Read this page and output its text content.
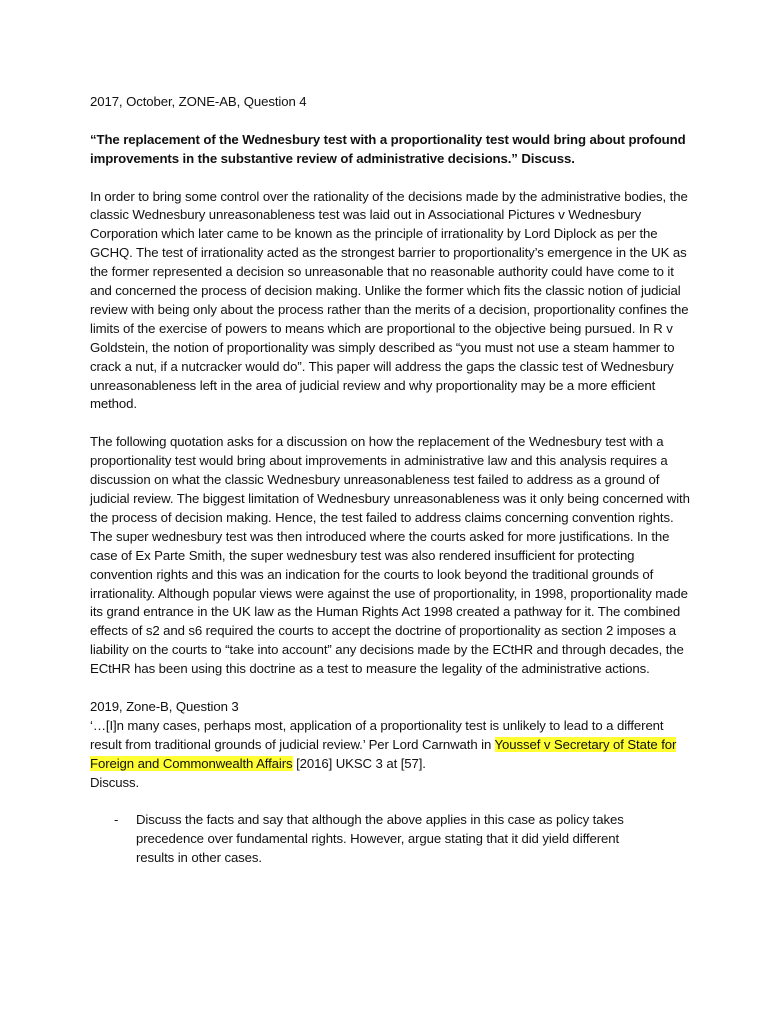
2017, October, ZONE-AB, Question 4

“The replacement of the Wednesbury test with a proportionality test would bring about profound improvements in the substantive review of administrative decisions.” Discuss.

In order to bring some control over the rationality of the decisions made by the administrative bodies, the classic Wednesbury unreasonableness test was laid out in Associational Pictures v Wednesbury Corporation which later came to be known as the principle of irrationality by Lord Diplock as per the GCHQ. The test of irrationality acted as the strongest barrier to proportionality’s emergence in the UK as the former represented a decision so unreasonable that no reasonable authority could have come to it and concerned the process of decision making. Unlike the former which fits the classic notion of judicial review with being only about the process rather than the merits of a decision, proportionality confines the limits of the exercise of powers to means which are proportional to the objective being pursued. In R v Goldstein, the notion of proportionality was simply described as “you must not use a steam hammer to crack a nut, if a nutcracker would do”. This paper will address the gaps the classic test of Wednesbury unreasonableness left in the area of judicial review and why proportionality may be a more efficient method.

The following quotation asks for a discussion on how the replacement of the Wednesbury test with a proportionality test would bring about improvements in administrative law and this analysis requires a discussion on what the classic Wednesbury unreasonableness test failed to address as a ground of judicial review. The biggest limitation of Wednesbury unreasonableness was it only being concerned with the process of decision making. Hence, the test failed to address claims concerning convention rights. The super wednesbury test was then introduced where the courts asked for more justifications. In the case of Ex Parte Smith, the super wednesbury test was also rendered insufficient for protecting convention rights and this was an indication for the courts to look beyond the traditional grounds of irrationality. Although popular views were against the use of proportionality, in 1998, proportionality made its grand entrance in the UK law as the Human Rights Act 1998 created a pathway for it. The combined effects of s2 and s6 required the courts to accept the doctrine of proportionality as section 2 imposes a liability on the courts to “take into account” any decisions made by the ECtHR and through decades, the ECtHR has been using this doctrine as a test to measure the legality of the administrative actions.

2019, Zone-B, Question 3

‘…[I]n many cases, perhaps most, application of a proportionality test is unlikely to lead to a different result from traditional grounds of judicial review.’ Per Lord Carnwath in Youssef v Secretary of State for Foreign and Commonwealth Affairs [2016] UKSC 3 at [57].

Discuss.

-	Discuss the facts and say that although the above applies in this case as policy takes precedence over fundamental rights. However, argue stating that it did yield different results in other cases.
